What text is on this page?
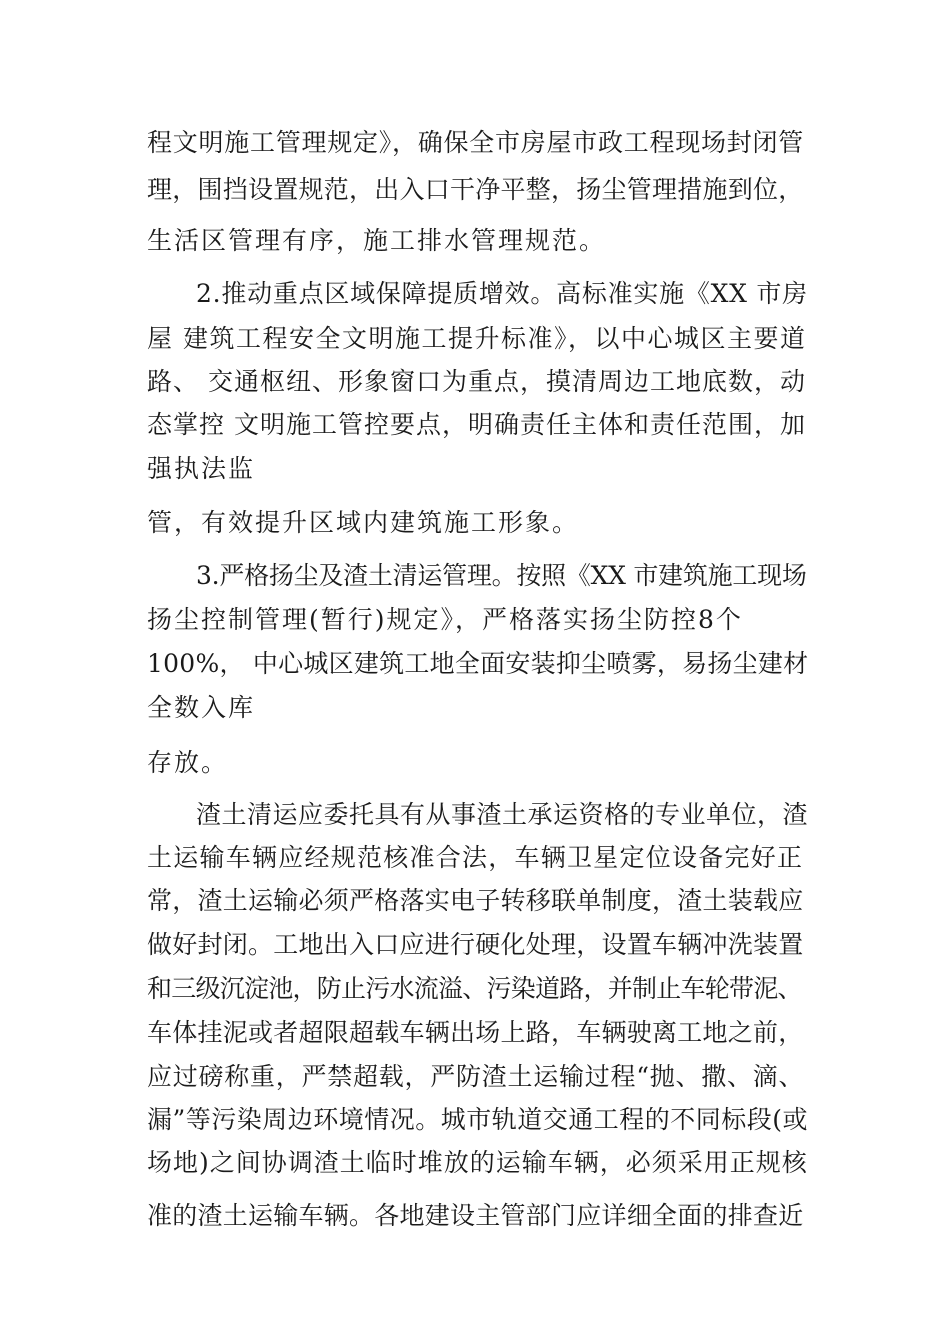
程文明施工管理规定》，确保全市房屋市政工程现场封闭管
理，围挡设置规范，出入口干净平整，扬尘管理措施到位，
生活区管理有序，施工排水管理规范。
2.推动重点区域保障提质增效。高标准实施《XX 市房
屋 建筑工程安全文明施工提升标准》，以中心城区主要道
路、 交通枢纽、形象窗口为重点，摸清周边工地底数，动
态掌控 文明施工管控要点，明确责任主体和责任范围，加
强执法监
管，有效提升区域内建筑施工形象。
3.严格扬尘及渣土清运管理。按照《XX 市建筑施工现场
扬尘控制管理(暂行)规定》，严格落实扬尘防控8个
100%， 中心城区建筑工地全面安装抑尘喷雾，易扬尘建材
全数入库
存放。
渣土清运应委托具有从事渣土承运资格的专业单位，渣
土运输车辆应经规范核准合法，车辆卫星定位设备完好正
常，渣土运输必须严格落实电子转移联单制度，渣土装载应
做好封闭。工地出入口应进行硬化处理，设置车辆冲洗装置
和三级沉淀池，防止污水流溢、污染道路，并制止车轮带泥、
车体挂泥或者超限超载车辆出场上路，车辆驶离工地之前，
应过磅称重，严禁超载，严防渣土运输过程“抛、撒、滴、
漏”等污染周边环境情况。城市轨道交通工程的不同标段(或
场地)之间协调渣土临时堆放的运输车辆，必须采用正规核
准的渣土运输车辆。各地建设主管部门应详细全面的排查近
